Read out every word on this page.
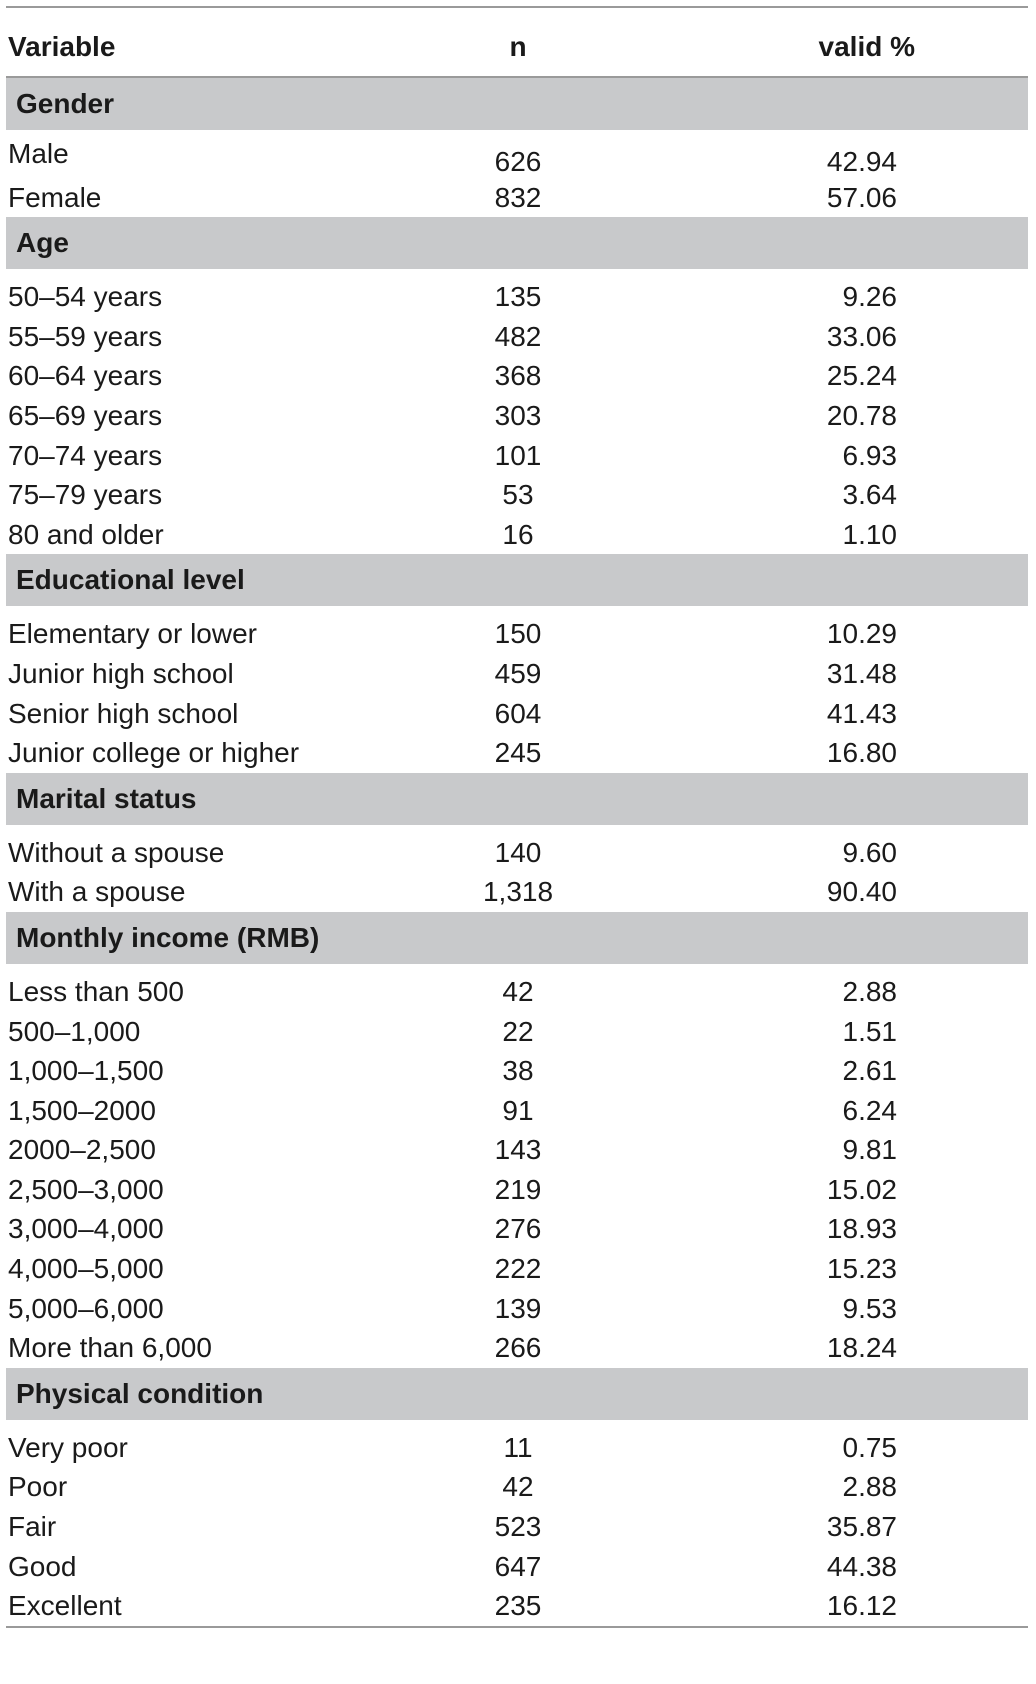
Variable	n	valid %
Gender
Male	626	42.94
Female	832	57.06
Age
50–54 years	135	9.26
55–59 years	482	33.06
60–64 years	368	25.24
65–69 years	303	20.78
70–74 years	101	6.93
75–79 years	53	3.64
80 and older	16	1.10
Educational level
Elementary or lower	150	10.29
Junior high school	459	31.48
Senior high school	604	41.43
Junior college or higher	245	16.80
Marital status
Without a spouse	140	9.60
With a spouse	1,318	90.40
Monthly income (RMB)
Less than 500	42	2.88
500–1,000	22	1.51
1,000–1,500	38	2.61
1,500–2000	91	6.24
2000–2,500	143	9.81
2,500–3,000	219	15.02
3,000–4,000	276	18.93
4,000–5,000	222	15.23
5,000–6,000	139	9.53
More than 6,000	266	18.24
Physical condition
Very poor	11	0.75
Poor	42	2.88
Fair	523	35.87
Good	647	44.38
Excellent	235	16.12
